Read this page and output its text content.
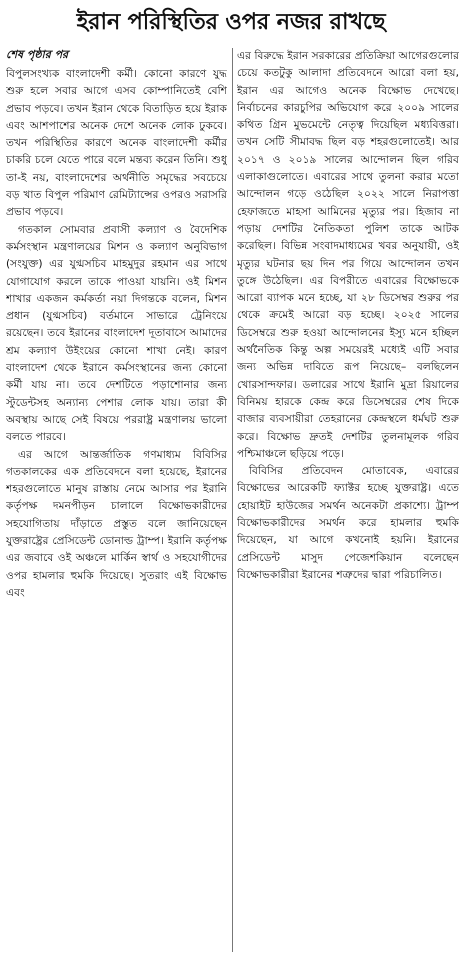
ইরান পরিস্থিতির ওপর নজর রাখছে
শেষ পৃষ্ঠার পর

বিপুলসংখ্যক বাংলাদেশী কর্মী। কোনো কারণে যুদ্ধ শুরু হলে সবার আগে এসব কোম্পানিতেই বেশি প্রভাব পড়বে। তখন ইরান থেকে বিতাড়িত হয়ে ইরাক এবং আশপাশের অনেক দেশে অনেক লোক ঢুকবে। তখন পরিস্থিতির কারণে অনেক বাংলাদেশী কর্মীর চাকরি চলে যেতে পারে বলে মন্তব্য করেন তিনি। শুধু তা-ই নয়, বাংলাদেশের অর্থনীতি সমৃদ্ধের সবচেয়ে বড় খাত বিপুল পরিমাণ রেমিট্যান্সের ওপরও সরাসরি প্রভাব পড়বে।

গতকাল সোমবার প্রবাসী কল্যাণ ও বৈদেশিক কর্মসংস্থান মন্ত্রণালয়ের মিশন ও কল্যাণ অনুবিভাগ (সংযুক্ত) এর যুগ্মসচিব মাহমুদুর রহমান এর সাথে যোগাযোগ করলে তাকে পাওয়া যায়নি। ওই মিশন শাখার একজন কর্মকর্তা নয়া দিগন্তকে বলেন, মিশন প্রধান (যুগ্মসচিব) বর্তমানে সাভারে ট্রেনিংয়ে রয়েছেন। তবে ইরানের বাংলাদেশ দূতাবাসে আমাদের শ্রম কল্যাণ উইংয়ের কোনো শাখা নেই। কারণ বাংলাদেশ থেকে ইরানে কর্মসংস্থানের জন্য কোনো কর্মী যায় না। তবে দেশটিতে পড়াশোনার জন্য স্টুডেন্টসহ অন্যান্য পেশার লোক যায়। তারা কী অবস্থায় আছে সেই বিষয়ে পররাষ্ট্র মন্ত্রণালয় ভালো বলতে পারবে।

এর আগে আন্তর্জাতিক গণমাধ্যম বিবিসির গতকালকের এক প্রতিবেদনে বলা হয়েছে, ইরানের শহরগুলোতে মানুষ রাস্তায় নেমে আসার পর ইরানি কর্তৃপক্ষ দমনপীড়ন চালালে বিক্ষোভকারীদের সহযোগিতায় দাঁড়াতে প্রস্তুত বলে জানিয়েছেন যুক্তরাষ্ট্রের প্রেসিডেন্ট ডোনাল্ড ট্রাম্প। ইরানি কর্তৃপক্ষ এর জবাবে ওই অঞ্চলে মার্কিন স্বার্থ ও সহযোগীদের ওপর হামলার হুমকি দিয়েছে। সুতরাং এই বিক্ষোভ এবং

এর বিরুদ্ধে ইরান সরকারের প্রতিক্রিয়া আগেরগুলোর চেয়ে কতটুকু আলাদা প্রতিবেদনে আরো বলা হয়, ইরান এর আগেও অনেক বিক্ষোভ দেখেছে। নির্বাচনের কারচুপির অভিযোগ করে ২০০৯ সালের কথিত গ্রিন মুভমেন্টে নেতৃত্ব দিয়েছিল মধ্যবিত্তরা। তখন সেটি সীমাবদ্ধ ছিল বড় শহরগুলোতেই। আর ২০১৭ ও ২০১৯ সালের আন্দোলন ছিল গরিব এলাকাগুলোতে। এবারের সাথে তুলনা করার মতো আন্দোলন গড়ে ওঠেছিল ২০২২ সালে নিরাপত্তা হেফাজতে মাহসা আমিনের মৃত্যুর পর। হিজাব না পড়ায় দেশটির নৈতিকতা পুলিশ তাকে আটক করেছিল। বিভিন্ন সংবাদমাধ্যমের খবর অনুযায়ী, ওই মৃত্যুর ঘটনার ছয় দিন পর গিয়ে আন্দোলন তখন তুঙ্গে উঠেছিল। এর বিপরীতে এবারের বিক্ষোভকে আরো ব্যাপক মনে হচ্ছে, যা ২৮ ডিসেম্বর শুরুর পর থেকে ক্রমেই আরো বড় হচ্ছে। ২০২৫ সালের ডিসেম্বরে শুরু হওয়া আন্দোলনের ইস্যু মনে হচ্ছিল অর্থনৈতিক কিন্তু অল্প সময়েরই মধ্যেই এটি সবার জন্য অভিন্ন দাবিতে রূপ নিয়েছে– বলছিলেন খোরসান্দফার। ডলারের সাথে ইরানি মুদ্রা রিয়ালের বিনিময় হারকে কেন্দ্র করে ডিসেম্বরের শেষ দিকে বাজার ব্যবসায়ীরা তেহরানের কেন্দ্রস্থলে ধর্মঘট শুরু করে। বিক্ষোভ দ্রুতই দেশটির তুলনামূলক গরিব পশ্চিমাঞ্চলে ছড়িয়ে পড়ে।

বিবিসির প্রতিবেদন মোতাবেক, এবারের বিক্ষোভের আরেকটি ফ্যাক্টর হচ্ছে যুক্তরাষ্ট্র। এতে হোয়াইট হাউজের সমর্থন অনেকটা প্রকাশ্যে। ট্রাম্প বিক্ষোভকারীদের সমর্থন করে হামলার হুমকি দিয়েছেন, যা আগে কখনোই হয়নি। ইরানের প্রেসিডেন্ট মাসুদ পেজেশকিয়ান বলেছেন বিক্ষোভকারীরা ইরানের শত্রুদের দ্বারা পরিচালিত।
